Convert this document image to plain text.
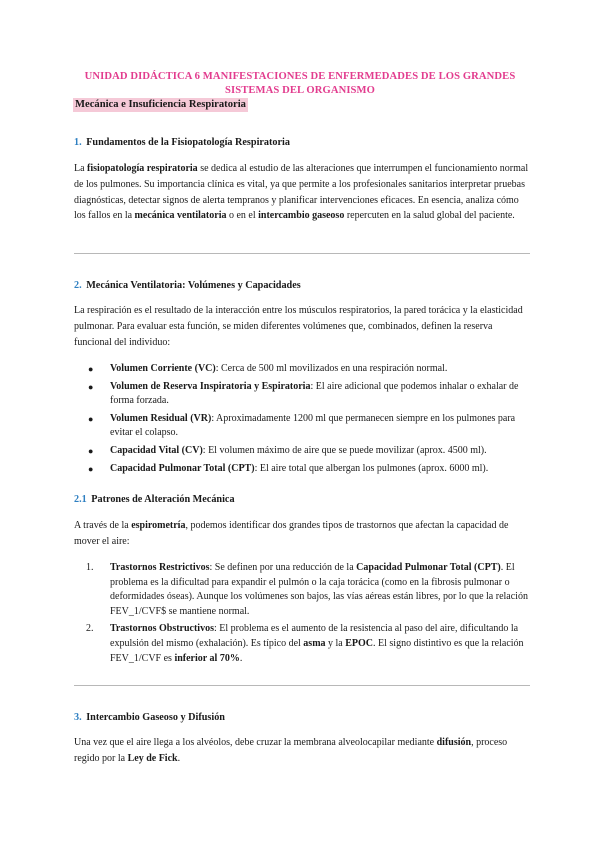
UNIDAD DIDÁCTICA 6 MANIFESTACIONES DE ENFERMEDADES DE LOS GRANDES SISTEMAS DEL ORGANISMO
Mecánica e Insuficiencia Respiratoria
1. Fundamentos de la Fisiopatología Respiratoria
La fisiopatología respiratoria se dedica al estudio de las alteraciones que interrumpen el funcionamiento normal de los pulmones. Su importancia clínica es vital, ya que permite a los profesionales sanitarios interpretar pruebas diagnósticas, detectar signos de alerta tempranos y planificar intervenciones eficaces. En esencia, analiza cómo los fallos en la mecánica ventilatoria o en el intercambio gaseoso repercuten en la salud global del paciente.
2. Mecánica Ventilatoria: Volúmenes y Capacidades
La respiración es el resultado de la interacción entre los músculos respiratorios, la pared torácica y la elasticidad pulmonar. Para evaluar esta función, se miden diferentes volúmenes que, combinados, definen la reserva funcional del individuo:
● Volumen Corriente (VC): Cerca de 500 ml movilizados en una respiración normal.
● Volumen de Reserva Inspiratoria y Espiratoria: El aire adicional que podemos inhalar o exhalar de forma forzada.
● Volumen Residual (VR): Aproximadamente 1200 ml que permanecen siempre en los pulmones para evitar el colapso.
● Capacidad Vital (CV): El volumen máximo de aire que se puede movilizar (aprox. 4500 ml).
● Capacidad Pulmonar Total (CPT): El aire total que albergan los pulmones (aprox. 6000 ml).
2.1 Patrones de Alteración Mecánica
A través de la espirometría, podemos identificar dos grandes tipos de trastornos que afectan la capacidad de mover el aire:
1. Trastornos Restrictivos: Se definen por una reducción de la Capacidad Pulmonar Total (CPT). El problema es la dificultad para expandir el pulmón o la caja torácica (como en la fibrosis pulmonar o deformidades óseas). Aunque los volúmenes son bajos, las vías aéreas están libres, por lo que la relación FEV_1/CVF$ se mantiene normal.
2. Trastornos Obstructivos: El problema es el aumento de la resistencia al paso del aire, dificultando la expulsión del mismo (exhalación). Es típico del asma y la EPOC. El signo distintivo es que la relación FEV_1/CVF es inferior al 70%.
3. Intercambio Gaseoso y Difusión
Una vez que el aire llega a los alvéolos, debe cruzar la membrana alveolocapilar mediante difusión, proceso regido por la Ley de Fick.
